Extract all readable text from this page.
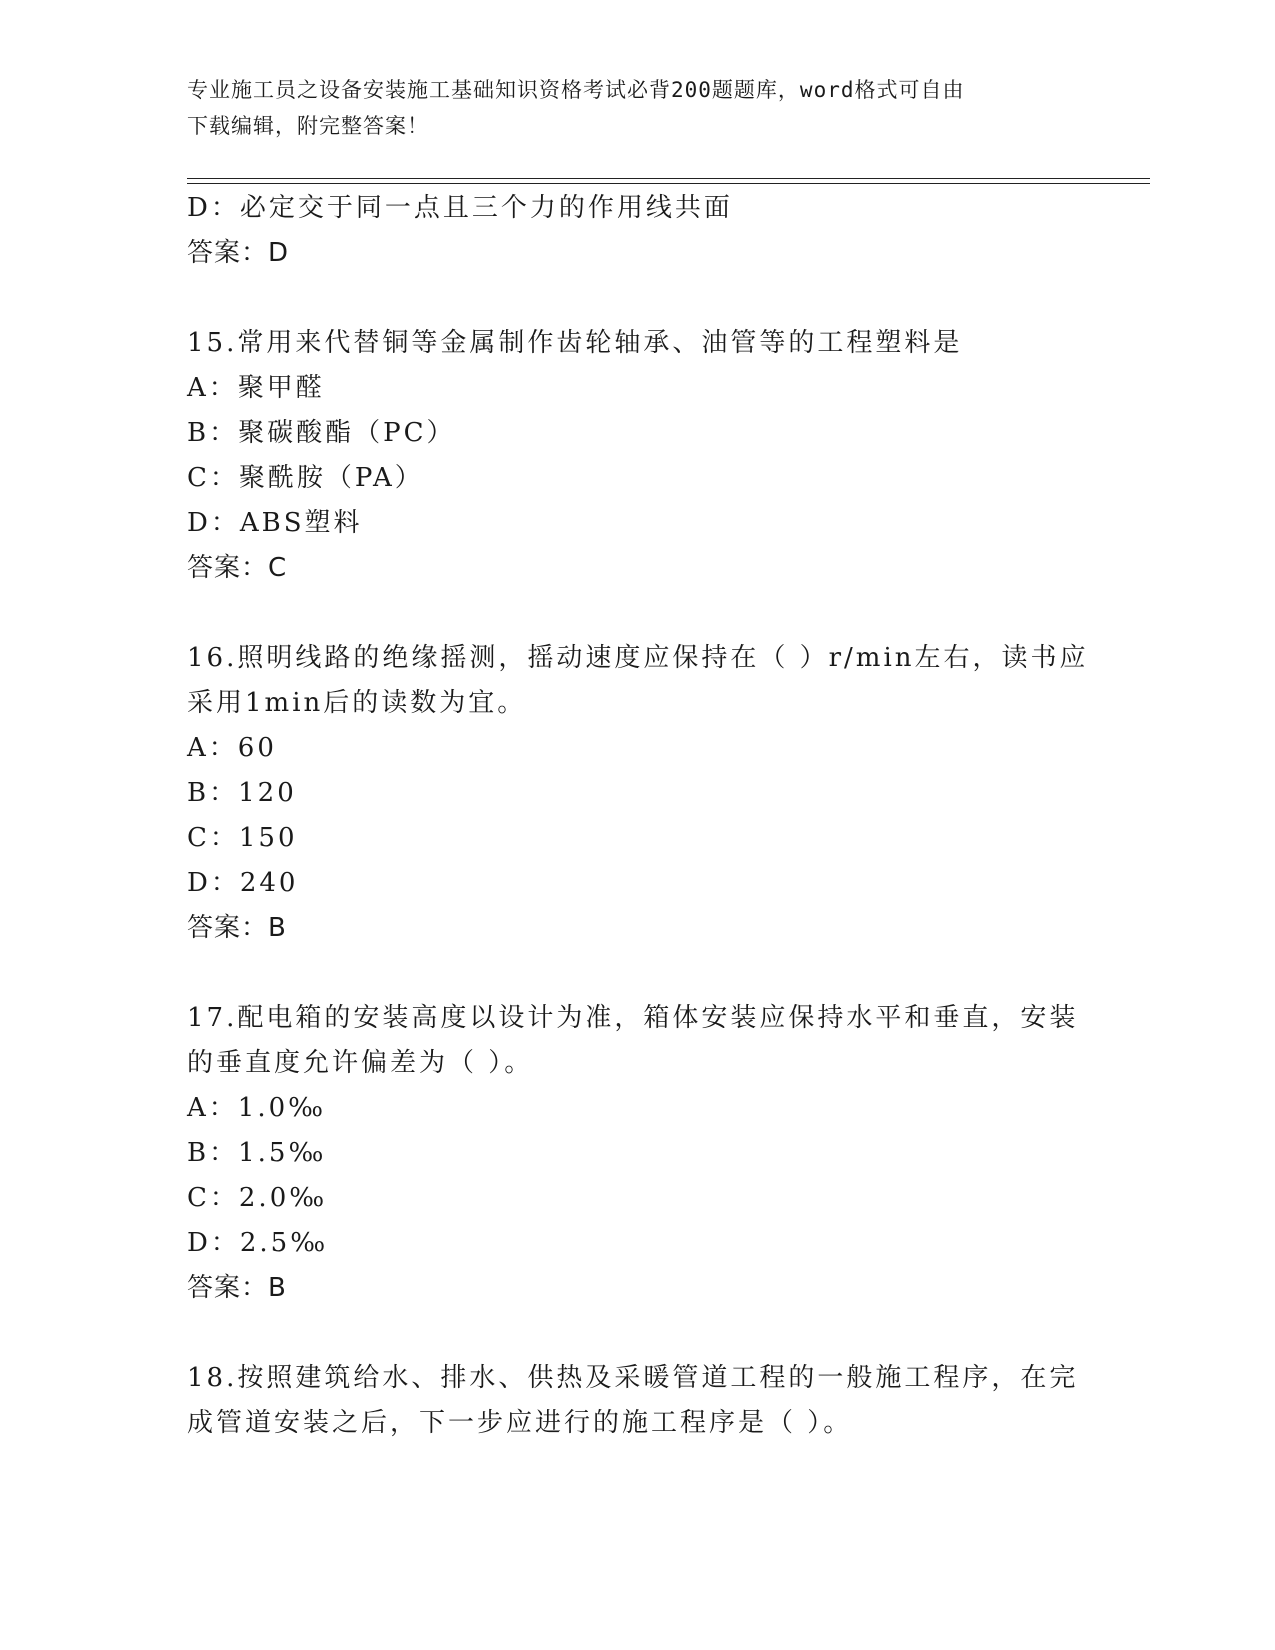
专业施工员之设备安装施工基础知识资格考试必背200题题库，word格式可自由
下载编辑，附完整答案！
D：必定交于同一点且三个力的作用线共面
答案：D
15.常用来代替铜等金属制作齿轮轴承、油管等的工程塑料是
A：聚甲醛
B：聚碳酸酯（PC）
C：聚酰胺（PA）
D：ABS塑料
答案：C
16.照明线路的绝缘摇测，摇动速度应保持在（ ）r/min左右，读书应
采用1min后的读数为宜。
A：60
B：120
C：150
D：240
答案：B
17.配电箱的安装高度以设计为准，箱体安装应保持水平和垂直，安装
的垂直度允许偏差为（ ）。
A：1.0‰
B：1.5‰
C：2.0‰
D：2.5‰
答案：B
18.按照建筑给水、排水、供热及采暖管道工程的一般施工程序，在完
成管道安装之后，下一步应进行的施工程序是（ ）。
